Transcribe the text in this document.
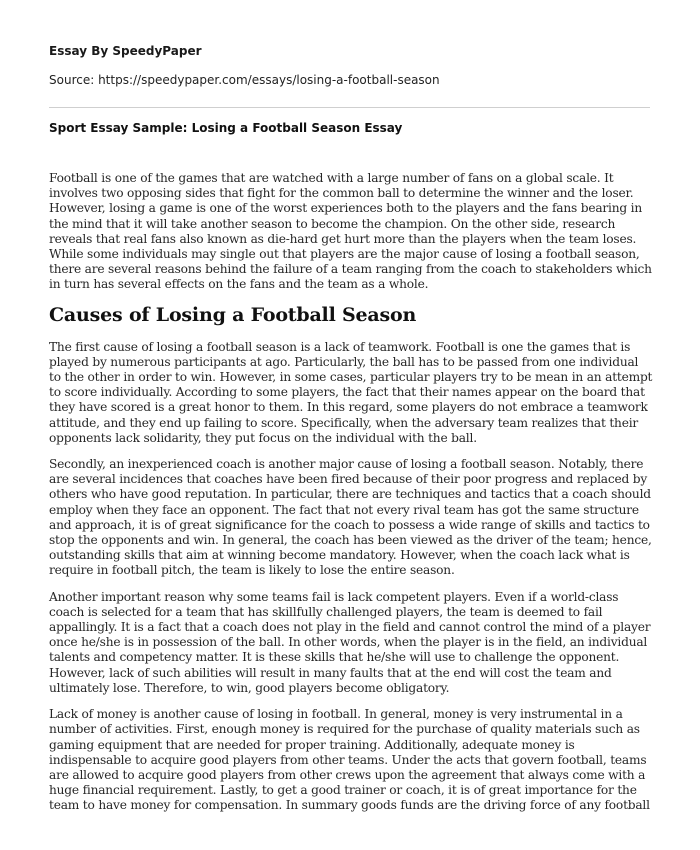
Essay By SpeedyPaper
Source: https://speedypaper.com/essays/losing-a-football-season
Sport Essay Sample: Losing a Football Season Essay

Football is one of the games that are watched with a large number of fans on a global scale. It involves two opposing sides that fight for the common ball to determine the winner and the loser. However, losing a game is one of the worst experiences both to the players and the fans bearing in the mind that it will take another season to become the champion. On the other side, research reveals that real fans also known as die-hard get hurt more than the players when the team loses. While some individuals may single out that players are the major cause of losing a football season, there are several reasons behind the failure of a team ranging from the coach to stakeholders which in turn has several effects on the fans and the team as a whole.

Causes of Losing a Football Season

The first cause of losing a football season is a lack of teamwork. Football is one the games that is played by numerous participants at ago. Particularly, the ball has to be passed from one individual to the other in order to win. However, in some cases, particular players try to be mean in an attempt to score individually. According to some players, the fact that their names appear on the board that they have scored is a great honor to them. In this regard, some players do not embrace a teamwork attitude, and they end up failing to score. Specifically, when the adversary team realizes that their opponents lack solidarity, they put focus on the individual with the ball.

Secondly, an inexperienced coach is another major cause of losing a football season. Notably, there are several incidences that coaches have been fired because of their poor progress and replaced by others who have good reputation. In particular, there are techniques and tactics that a coach should employ when they face an opponent. The fact that not every rival team has got the same structure and approach, it is of great significance for the coach to possess a wide range of skills and tactics to stop the opponents and win. In general, the coach has been viewed as the driver of the team; hence, outstanding skills that aim at winning become mandatory. However, when the coach lack what is require in football pitch, the team is likely to lose the entire season.

Another important reason why some teams fail is lack competent players. Even if a world-class coach is selected for a team that has skillfully challenged players, the team is deemed to fail appallingly. It is a fact that a coach does not play in the field and cannot control the mind of a player once he/she is in possession of the ball. In other words, when the player is in the field, an individual talents and competency matter. It is these skills that he/she will use to challenge the opponent. However, lack of such abilities will result in many faults that at the end will cost the team and ultimately lose. Therefore, to win, good players become obligatory.

Lack of money is another cause of losing in football. In general, money is very instrumental in a number of activities. First, enough money is required for the purchase of quality materials such as gaming equipment that are needed for proper training. Additionally, adequate money is indispensable to acquire good players from other teams. Under the acts that govern football, teams are allowed to acquire good players from other crews upon the agreement that always come with a huge financial requirement. Lastly, to get a good trainer or coach, it is of great importance for the team to have money for compensation. In summary goods funds are the driving force of any football
